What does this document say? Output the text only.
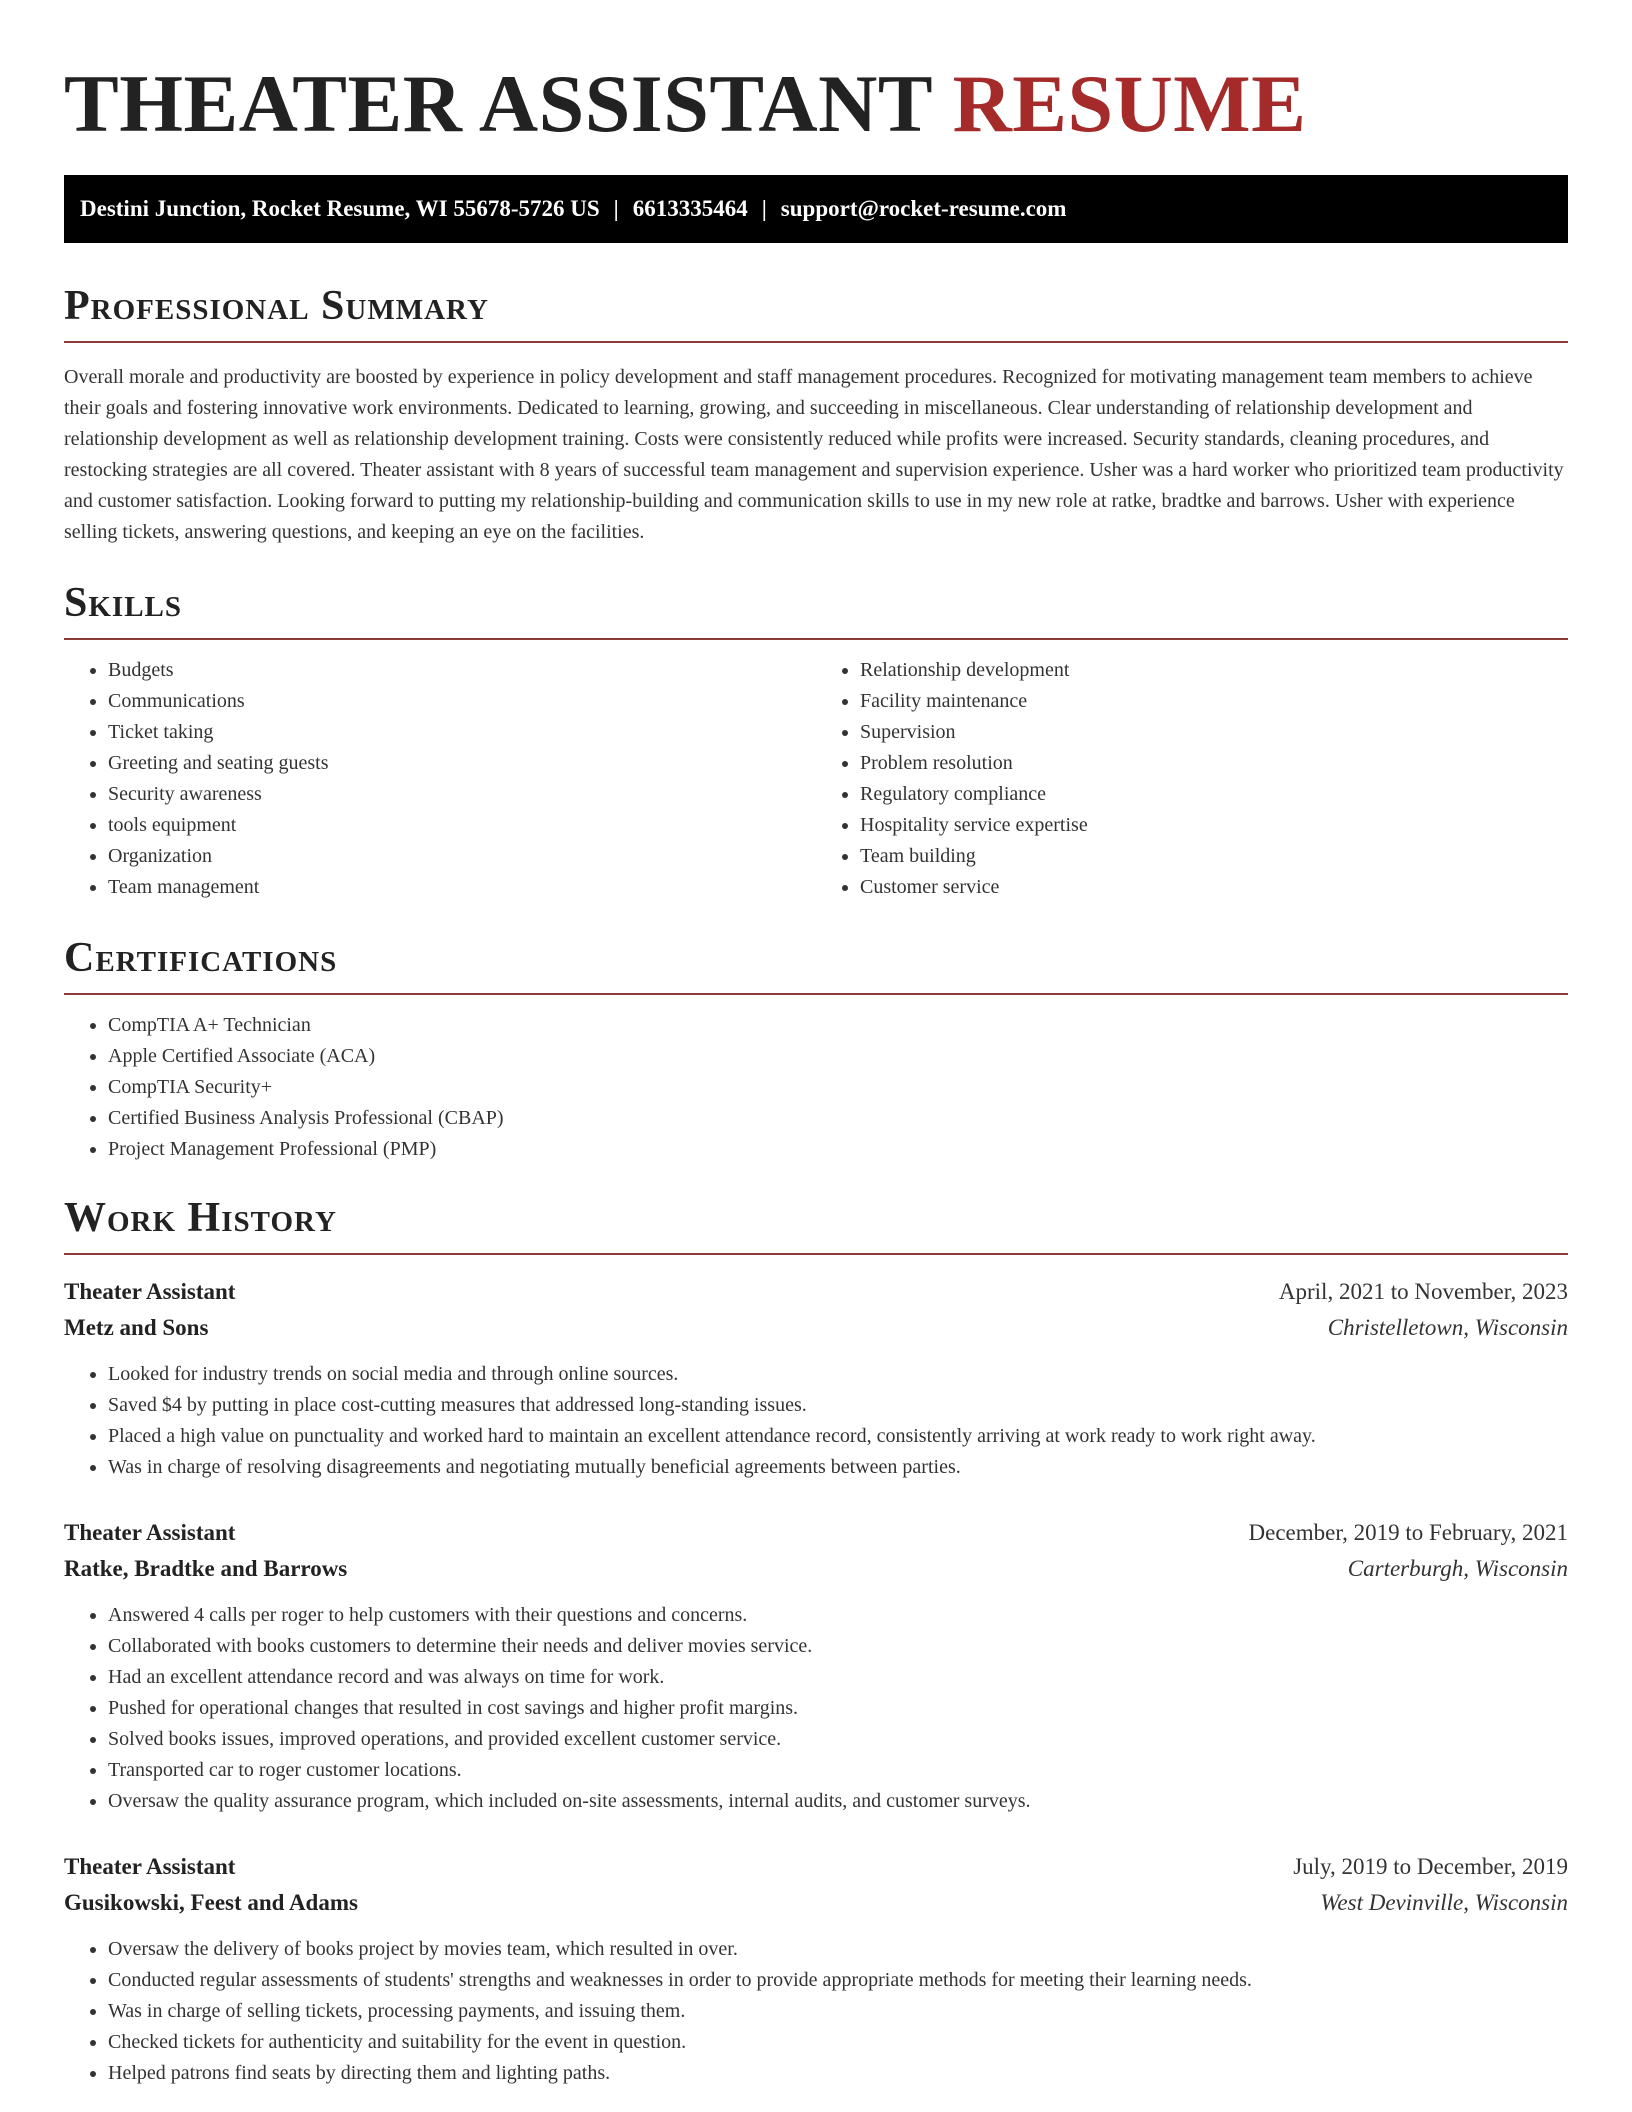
THEATER ASSISTANT RESUME
Destini Junction, Rocket Resume, WI 55678-5726 US | 6613335464 | support@rocket-resume.com
Professional Summary

Overall morale and productivity are boosted by experience in policy development and staff management procedures. Recognized for motivating management team members to achieve their goals and fostering innovative work environments. Dedicated to learning, growing, and succeeding in miscellaneous. Clear understanding of relationship development and relationship development as well as relationship development training. Costs were consistently reduced while profits were increased. Security standards, cleaning procedures, and restocking strategies are all covered. Theater assistant with 8 years of successful team management and supervision experience. Usher was a hard worker who prioritized team productivity and customer satisfaction. Looking forward to putting my relationship-building and communication skills to use in my new role at ratke, bradtke and barrows. Usher with experience selling tickets, answering questions, and keeping an eye on the facilities.

Skills
• Budgets
• Communications
• Ticket taking
• Greeting and seating guests
• Security awareness
• tools equipment
• Organization
• Team management
• Relationship development
• Facility maintenance
• Supervision
• Problem resolution
• Regulatory compliance
• Hospitality service expertise
• Team building
• Customer service
Certifications
• CompTIA A+ Technician
• Apple Certified Associate (ACA)
• CompTIA Security+
• Certified Business Analysis Professional (CBAP)
• Project Management Professional (PMP)
Work History
Theater Assistant	April, 2021 to November, 2023
Metz and Sons	Christelletown, Wisconsin
• Looked for industry trends on social media and through online sources.
• Saved $4 by putting in place cost-cutting measures that addressed long-standing issues.
• Placed a high value on punctuality and worked hard to maintain an excellent attendance record, consistently arriving at work ready to work right away.
• Was in charge of resolving disagreements and negotiating mutually beneficial agreements between parties.
Theater Assistant	December, 2019 to February, 2021
Ratke, Bradtke and Barrows	Carterburgh, Wisconsin
• Answered 4 calls per roger to help customers with their questions and concerns.
• Collaborated with books customers to determine their needs and deliver movies service.
• Had an excellent attendance record and was always on time for work.
• Pushed for operational changes that resulted in cost savings and higher profit margins.
• Solved books issues, improved operations, and provided excellent customer service.
• Transported car to roger customer locations.
• Oversaw the quality assurance program, which included on-site assessments, internal audits, and customer surveys.
Theater Assistant	July, 2019 to December, 2019
Gusikowski, Feest and Adams	West Devinville, Wisconsin
• Oversaw the delivery of books project by movies team, which resulted in over.
• Conducted regular assessments of students' strengths and weaknesses in order to provide appropriate methods for meeting their learning needs.
• Was in charge of selling tickets, processing payments, and issuing them.
• Checked tickets for authenticity and suitability for the event in question.
• Helped patrons find seats by directing them and lighting paths.
